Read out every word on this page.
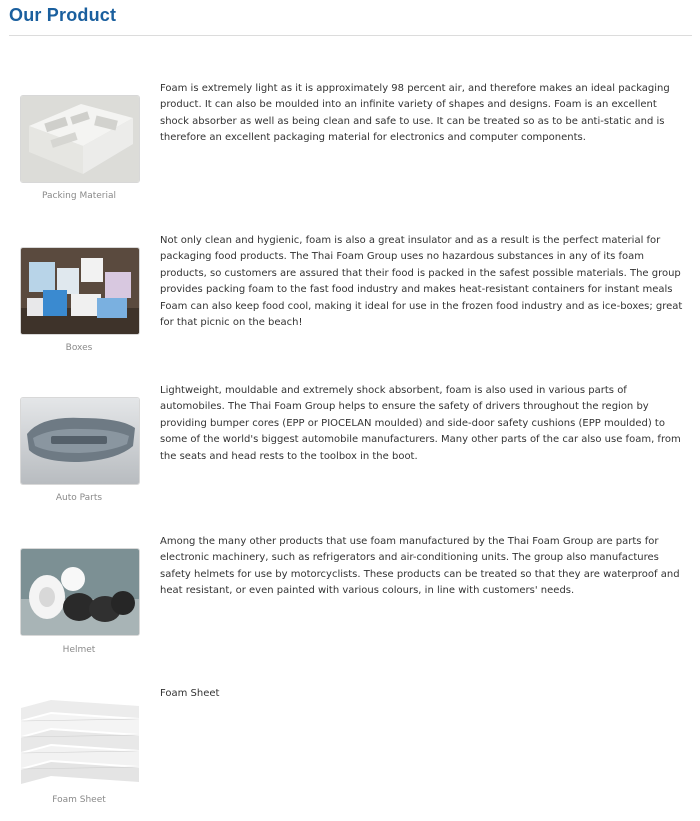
Our Product
Packing Material

Foam is extremely light as it is approximately 98 percent air, and therefore makes an ideal packaging product. It can also be moulded into an infinite variety of shapes and designs. Foam is an excellent shock absorber as well as being clean and safe to use. It can be treated so as to be anti-static and is therefore an excellent packaging material for electronics and computer components.

Boxes

Not only clean and hygienic, foam is also a great insulator and as a result is the perfect material for packaging food products. The Thai Foam Group uses no hazardous substances in any of its foam products, so customers are assured that their food is packed in the safest possible materials. The group provides packing foam to the fast food industry and makes heat-resistant containers for instant meals Foam can also keep food cool, making it ideal for use in the frozen food industry and as ice-boxes; great for that picnic on the beach!

Auto Parts

Lightweight, mouldable and extremely shock absorbent, foam is also used in various parts of automobiles. The Thai Foam Group helps to ensure the safety of drivers throughout the region by providing bumper cores (EPP or PIOCELAN moulded) and side-door safety cushions (EPP moulded) to some of the world's biggest automobile manufacturers. Many other parts of the car also use foam, from the seats and head rests to the toolbox in the boot.

Helmet

Among the many other products that use foam manufactured by the Thai Foam Group are parts for electronic machinery, such as refrigerators and air-conditioning units. The group also manufactures safety helmets for use by motorcyclists. These products can be treated so that they are waterproof and heat resistant, or even painted with various colours, in line with customers' needs.

Foam Sheet

Foam Sheet
